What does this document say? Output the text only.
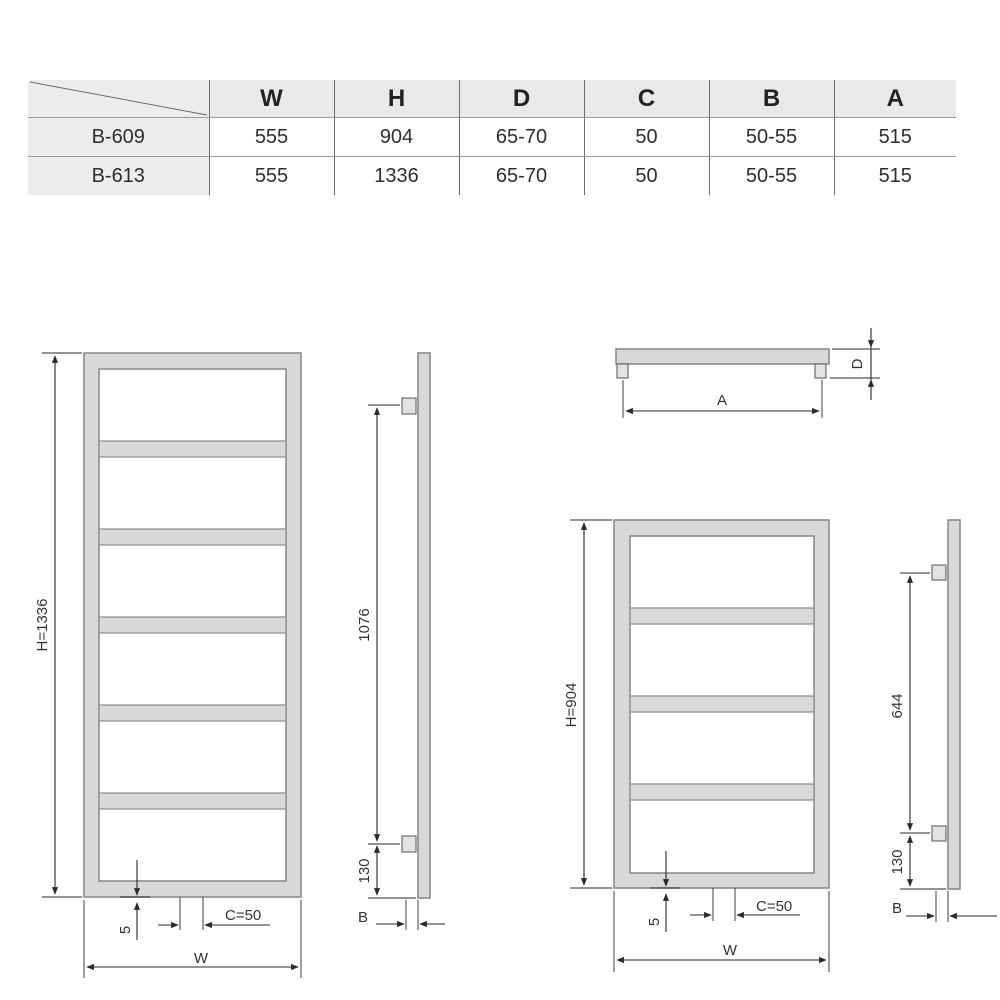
	W	H	D	C	B	A
B-609	555	904	65-70	50	50-55	515
B-613	555	1336	65-70	50	50-55	515
H=1336
W
5
C=50
1076
130
B
A
D
H=904
W
5
C=50
644
130
B
